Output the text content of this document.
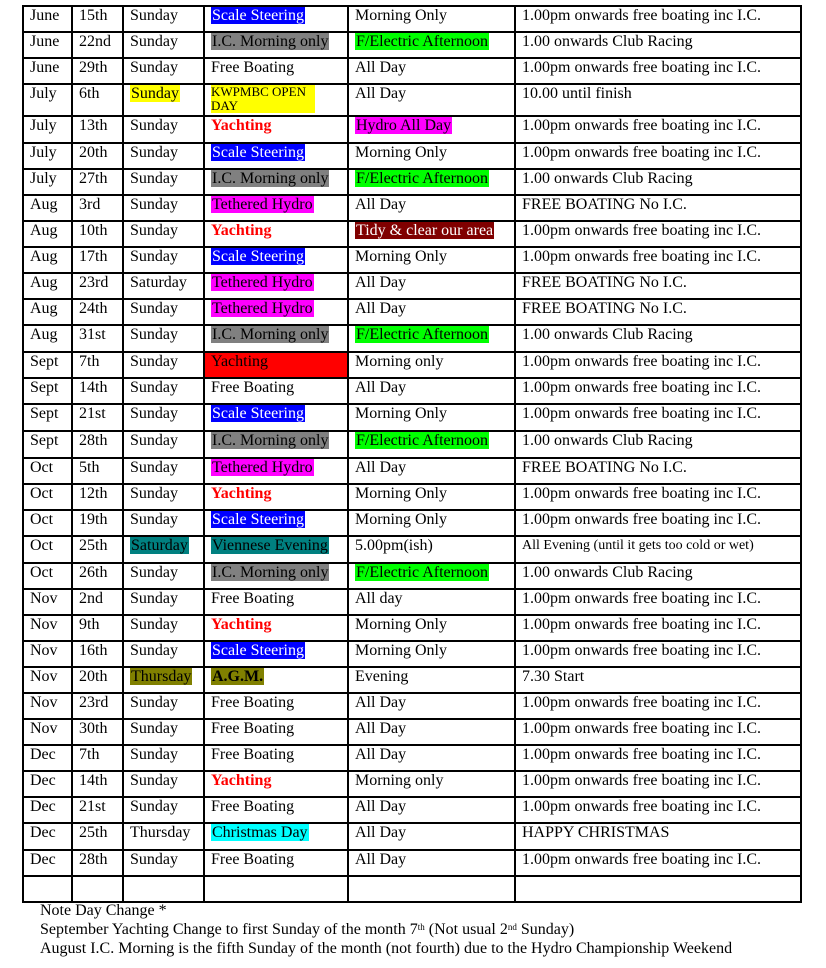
June	15th	Sunday	Scale Steering	Morning Only	1.00pm onwards free boating inc I.C.
June	22nd	Sunday	I.C. Morning only	F/Electric Afternoon	1.00 onwards Club Racing
June	29th	Sunday	Free Boating	All Day	1.00pm onwards free boating inc I.C.
July	6th	Sunday	KWPMBC OPEN DAY	All Day	10.00 until finish
July	13th	Sunday	Yachting	Hydro All Day	1.00pm onwards free boating inc I.C.
July	20th	Sunday	Scale Steering	Morning Only	1.00pm onwards free boating inc I.C.
July	27th	Sunday	I.C. Morning only	F/Electric Afternoon	1.00 onwards Club Racing
Aug	3rd	Sunday	Tethered Hydro	All Day	FREE BOATING No I.C.
Aug	10th	Sunday	Yachting	Tidy & clear our area	1.00pm onwards free boating inc I.C.
Aug	17th	Sunday	Scale Steering	Morning Only	1.00pm onwards free boating inc I.C.
Aug	23rd	Saturday	Tethered Hydro	All Day	FREE BOATING No I.C.
Aug	24th	Sunday	Tethered Hydro	All Day	FREE BOATING No I.C.
Aug	31st	Sunday	I.C. Morning only	F/Electric Afternoon	1.00 onwards Club Racing
Sept	7th	Sunday	Yachting	Morning only	1.00pm onwards free boating inc I.C.
Sept	14th	Sunday	Free Boating	All Day	1.00pm onwards free boating inc I.C.
Sept	21st	Sunday	Scale Steering	Morning Only	1.00pm onwards free boating inc I.C.
Sept	28th	Sunday	I.C. Morning only	F/Electric Afternoon	1.00 onwards Club Racing
Oct	5th	Sunday	Tethered Hydro	All Day	FREE BOATING No I.C.
Oct	12th	Sunday	Yachting	Morning Only	1.00pm onwards free boating inc I.C.
Oct	19th	Sunday	Scale Steering	Morning Only	1.00pm onwards free boating inc I.C.
Oct	25th	Saturday	Viennese Evening	5.00pm(ish)	All Evening (until it gets too cold or wet)
Oct	26th	Sunday	I.C. Morning only	F/Electric Afternoon	1.00 onwards Club Racing
Nov	2nd	Sunday	Free Boating	All day	1.00pm onwards free boating inc I.C.
Nov	9th	Sunday	Yachting	Morning Only	1.00pm onwards free boating inc I.C.
Nov	16th	Sunday	Scale Steering	Morning Only	1.00pm onwards free boating inc I.C.
Nov	20th	Thursday	A.G.M.	Evening	7.30 Start
Nov	23rd	Sunday	Free Boating	All Day	1.00pm onwards free boating inc I.C.
Nov	30th	Sunday	Free Boating	All Day	1.00pm onwards free boating inc I.C.
Dec	7th	Sunday	Free Boating	All Day	1.00pm onwards free boating inc I.C.
Dec	14th	Sunday	Yachting	Morning only	1.00pm onwards free boating inc I.C.
Dec	21st	Sunday	Free Boating	All Day	1.00pm onwards free boating inc I.C.
Dec	25th	Thursday	Christmas Day	All Day	HAPPY CHRISTMAS
Dec	28th	Sunday	Free Boating	All Day	1.00pm onwards free boating inc I.C.

Note Day Change *
September Yachting Change to first Sunday of the month 7th (Not usual 2nd Sunday)
August I.C. Morning is the fifth Sunday of the month (not fourth) due to the Hydro Championship Weekend
